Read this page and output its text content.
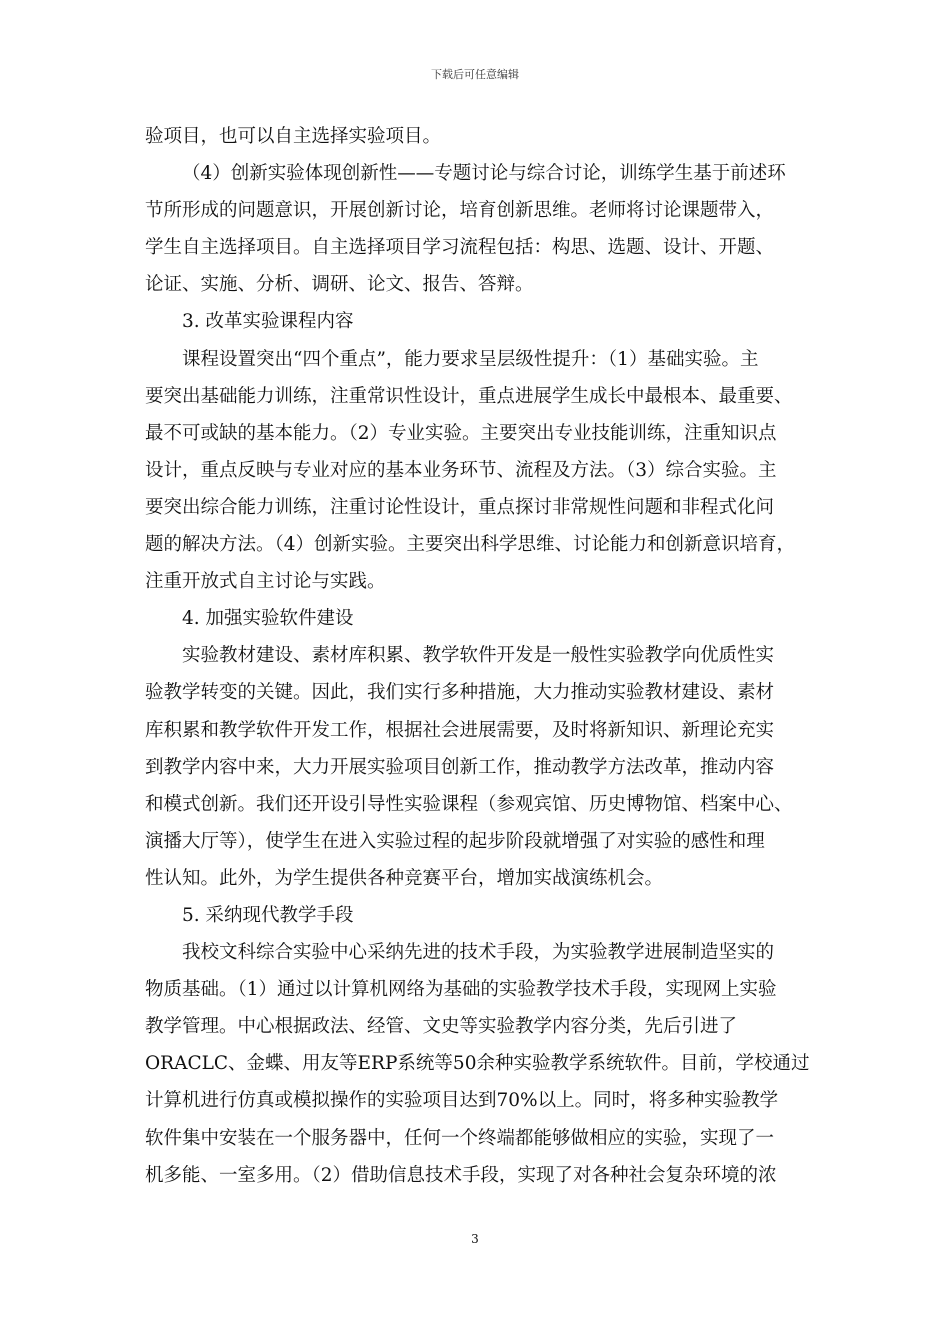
下载后可任意编辑
验项目，也可以自主选择实验项目。
（4）创新实验体现创新性——专题讨论与综合讨论，训练学生基于前述环
节所形成的问题意识，开展创新讨论，培育创新思维。老师将讨论课题带入，
学生自主选择项目。自主选择项目学习流程包括：构思、选题、设计、开题、
论证、实施、分析、调研、论文、报告、答辩。
3. 改革实验课程内容
课程设置突出“四个重点”，能力要求呈层级性提升：（1）基础实验。主
要突出基础能力训练，注重常识性设计，重点进展学生成长中最根本、最重要、
最不可或缺的基本能力。（2）专业实验。主要突出专业技能训练，注重知识点
设计，重点反映与专业对应的基本业务环节、流程及方法。（3）综合实验。主
要突出综合能力训练，注重讨论性设计，重点探讨非常规性问题和非程式化问
题的解决方法。（4）创新实验。主要突出科学思维、讨论能力和创新意识培育，
注重开放式自主讨论与实践。
4. 加强实验软件建设
实验教材建设、素材库积累、教学软件开发是一般性实验教学向优质性实
验教学转变的关键。因此，我们实行多种措施，大力推动实验教材建设、素材
库积累和教学软件开发工作，根据社会进展需要，及时将新知识、新理论充实
到教学内容中来，大力开展实验项目创新工作，推动教学方法改革，推动内容
和模式创新。我们还开设引导性实验课程（参观宾馆、历史博物馆、档案中心、
演播大厅等），使学生在进入实验过程的起步阶段就增强了对实验的感性和理
性认知。此外，为学生提供各种竞赛平台，增加实战演练机会。
5. 采纳现代教学手段
我校文科综合实验中心采纳先进的技术手段，为实验教学进展制造坚实的
物质基础。（1）通过以计算机网络为基础的实验教学技术手段，实现网上实验
教学管理。中心根据政法、经管、文史等实验教学内容分类，先后引进了
ORACLC、金蝶、用友等ERP系统等50余种实验教学系统软件。目前，学校通过
计算机进行仿真或模拟操作的实验项目达到70%以上。同时，将多种实验教学
软件集中安装在一个服务器中，任何一个终端都能够做相应的实验，实现了一
机多能、一室多用。（2）借助信息技术手段，实现了对各种社会复杂环境的浓
3
